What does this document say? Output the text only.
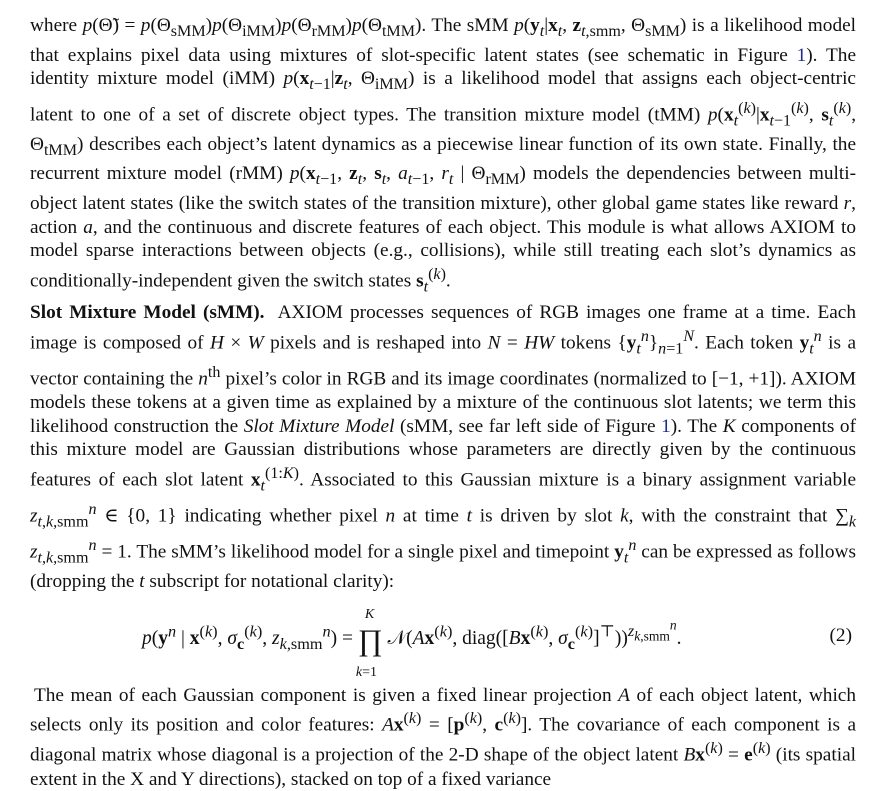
where p(Θ̃) = $p(\Theta_{sMM})p(\Theta_{iMM})p(\Theta_{rMM})p(\Theta_{tMM})$. The sMM $p(y_t|x_t$, $z_{t,smm}$, $\Theta_{sMM}$) is a likelihood model that explains pixel data using mixtures of slot-specific latent states (see schematic in Figure 1). The identity mixture model (iMM) $p(x_{t-1}|z_t$, $\Theta_{iMM}$) is a likelihood model that assigns each object-centric latent to one of a set of discrete object types. The transition mixture model (tMM) $p(x_t^{(k)}|x_{t-1}^{(k)}$, $s_t^{(k)}$, $\Theta_{tMM}$) describes each object’s latent dynamics as a piecewise linear function of its own state. Finally, the recurrent mixture model (rMM) $p(x_{t-1}$, $z_t$, $s_t$, $a_{t-1}$, $r_t$ | $\Theta_{rMM}$) models the dependencies between multi-object latent states (like the switch states of the transition mixture), other global game states like reward r, action a, and the continuous and discrete features of each object. This module is what allows AXIOM to model sparse interactions between objects (e.g., collisions), while still treating each slot’s dynamics as conditionally-independent given the switch states $s_t^{(k)}$.

Slot Mixture Model (sMM).  AXIOM processes sequences of RGB images one frame at a time. Each image is composed of H × W pixels and is reshaped into N = HW tokens $\{y_t^n\}_{n=1}^N$. Each token $y_t^n$ is a vector containing the $n^{th}$ pixel’s color in RGB and its image coordinates (normalized to [−1, +1]). AXIOM models these tokens at a given time as explained by a mixture of the continuous slot latents; we term this likelihood construction the Slot Mixture Model (sMM, see far left side of Figure 1). The K components of this mixture model are Gaussian distributions whose parameters are directly given by the continuous features of each slot latent $x_t^{(1:K)}$. Associated to this Gaussian mixture is a binary assignment variable $z_{t,k,smm}^n$ ∈ {0, 1} indicating whether pixel n at time t is driven by slot k, with the constraint that $\sum_k$ $z_{t,k,smm}^n = 1$. The sMM’s likelihood model for a single pixel and timepoint $y_t^n$ can be expressed as follows (dropping the t subscript for notational clarity):

$p(y^n$ | $x^{(k)}$, $\sigma_c^{(k)}$, $z_{k,smm}^n$) =
K
∏
k=1
𝒩(Ax$^{(k)}$, diag([Bx$^{(k)}$, $\sigma_c^{(k)}]^⊤))^{z_{k,smm}^n}$.	(2)

The mean of each Gaussian component is given a fixed linear projection A of each object latent, which selects only its position and color features: $Ax^{(k)} = [p^{(k)}$, $c^{(k)}$]. The covariance of each component is a diagonal matrix whose diagonal is a projection of the 2-D shape of the object latent $Bx^{(k)} = e^{(k)}$ (its spatial extent in the X and Y directions), stacked on top of a fixed variance
